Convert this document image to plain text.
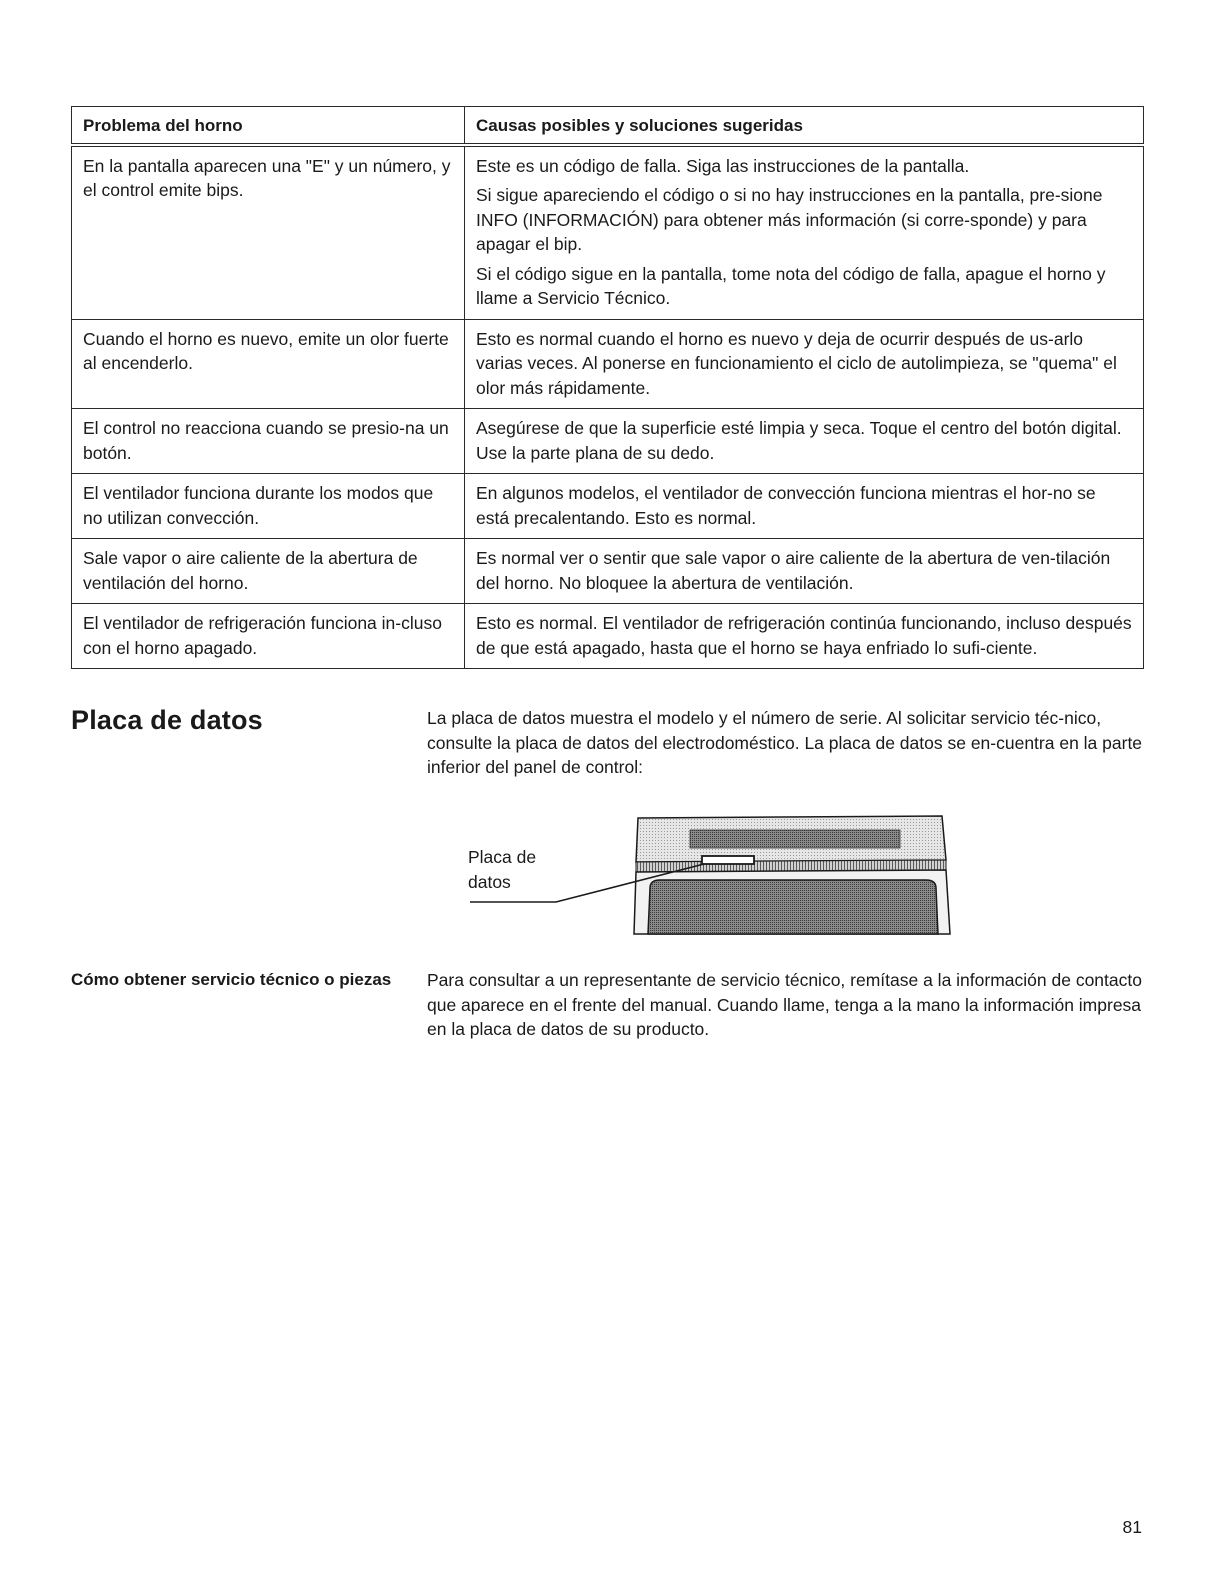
Problema del horno	Causas posibles y soluciones sugeridas
En la pantalla aparecen una "E" y un número, y el control emite bips.	Este es un código de falla. Siga las instrucciones de la pantalla.

Si sigue apareciendo el código o si no hay instrucciones en la pantalla, pre-sione INFO (INFORMACIÓN) para obtener más información (si corre-sponde) y para apagar el bip.

Si el código sigue en la pantalla, tome nota del código de falla, apague el horno y llame a Servicio Técnico.

Cuando el horno es nuevo, emite un olor fuerte al encenderlo.	Esto es normal cuando el horno es nuevo y deja de ocurrir después de us-arlo varias veces. Al ponerse en funcionamiento el ciclo de autolimpieza, se "quema" el olor más rápidamente.

El control no reacciona cuando se presio-na un botón.	Asegúrese de que la superficie esté limpia y seca. Toque el centro del botón digital. Use la parte plana de su dedo.

El ventilador funciona durante los modos que no utilizan convección.	En algunos modelos, el ventilador de convección funciona mientras el hor-no se está precalentando. Esto es normal.

Sale vapor o aire caliente de la abertura de ventilación del horno.	Es normal ver o sentir que sale vapor o aire caliente de la abertura de ven-tilación del horno. No bloquee la abertura de ventilación.

El ventilador de refrigeración funciona in-cluso con el horno apagado.	Esto es normal. El ventilador de refrigeración continúa funcionando, incluso después de que está apagado, hasta que el horno se haya enfriado lo sufi-ciente.

Placa de datos	La placa de datos muestra el modelo y el número de serie. Al solicitar servicio téc-nico, consulte la placa de datos del electrodoméstico. La placa de datos se en-cuentra en la parte inferior del panel de control:

Placa de
datos

Cómo obtener servicio técnico o piezas	Para consultar a un representante de servicio técnico, remítase a la información de contacto que aparece en el frente del manual. Cuando llame, tenga a la mano la información impresa en la placa de datos de su producto.

81
